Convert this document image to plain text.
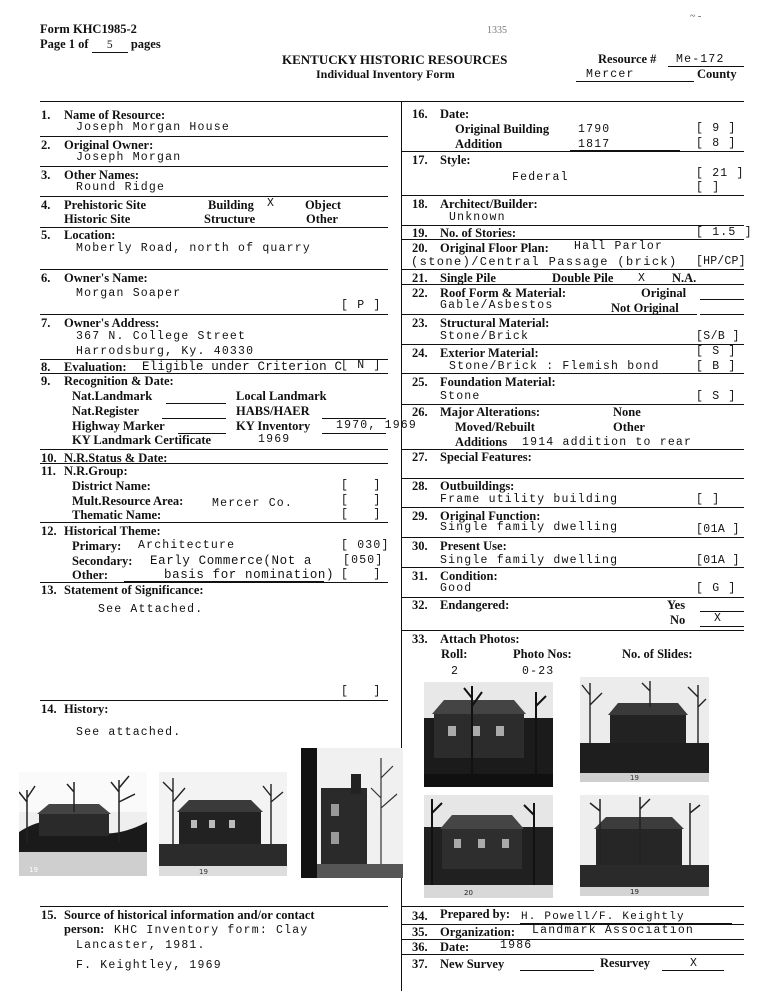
Form KHC1985-2
Page 1 of 5 pages
1335
~ -
KENTUCKY HISTORIC RESOURCES
Individual Inventory Form
Resource # Me-172
Mercer	County
1. Name of Resource:
Joseph Morgan House
2. Original Owner:
Joseph Morgan
3. Other Names:
Round Ridge
4. Prehistoric Site	Building X Object
Historic Site	Structure	Other
5. Location:
Moberly Road, north of quarry
6. Owner's Name:
Morgan Soaper
[ P ]
7. Owner's Address:
367 N. College Street
Harrodsburg, Ky. 40330
8. Evaluation: Eligible under Criterion C
[ N ]
9. Recognition & Date:
Nat.Landmark	Local Landmark
Nat.Register	HABS/HAER
Highway Marker	KY Inventory 1970, 1969
KY Landmark Certificate	1969
10. N.R.Status & Date:
11. N.R.Group:
District Name:	[   ]
Mult.Resource Area: Mercer Co.	[   ]
Thematic Name:	[   ]
12. Historical Theme:
Primary: Architecture	[ 030]
Secondary: Early Commerce(Not a	[050]
Other:	basis for nomination) [   ]
13. Statement of Significance:
See Attached.
[   ]
14. History:
See attached.
19	19
15. Source of historical information and/or contact
person: KHC Inventory form: Clay
Lancaster, 1981.
F. Keightley, 1969
16. Date:
Original Building	1790	[ 9 ]
Addition	1817	[ 8 ]
17. Style:
Federal	[ 21 ]
[ ]
18. Architect/Builder:
Unknown
19. No. of Stories:	[ 1.5 ]
20. Original Floor Plan: Hall Parlor
(stone)/Central Passage (brick) [HP/CP]
21. Single Pile	Double Pile X N.A.
22. Roof Form & Material:	Original
Gable/Asbestos	Not Original
23. Structural Material:
Stone/Brick	[S/B ]
24. Exterior Material:	[ S ]
Stone/Brick : Flemish bond	[ B ]
25. Foundation Material:
Stone	[ S ]
26. Major Alterations:	None
Moved/Rebuilt	Other
Additions 1914 addition to rear
27. Special Features:
28. Outbuildings:
Frame utility building	[ ]
29. Original Function:
Single family dwelling	[01A ]
30. Present Use:
Single family dwelling	[01A ]
31. Condition:
Good	[ G ]
32. Endangered:	Yes
No X
33. Attach Photos:
Roll:	Photo Nos:	No. of Slides:
2	0-23
19
20	19
34. Prepared by: H. Powell/F. Keightly
35. Organization: Landmark Association
36. Date:	1986
37. New Survey	Resurvey	X
